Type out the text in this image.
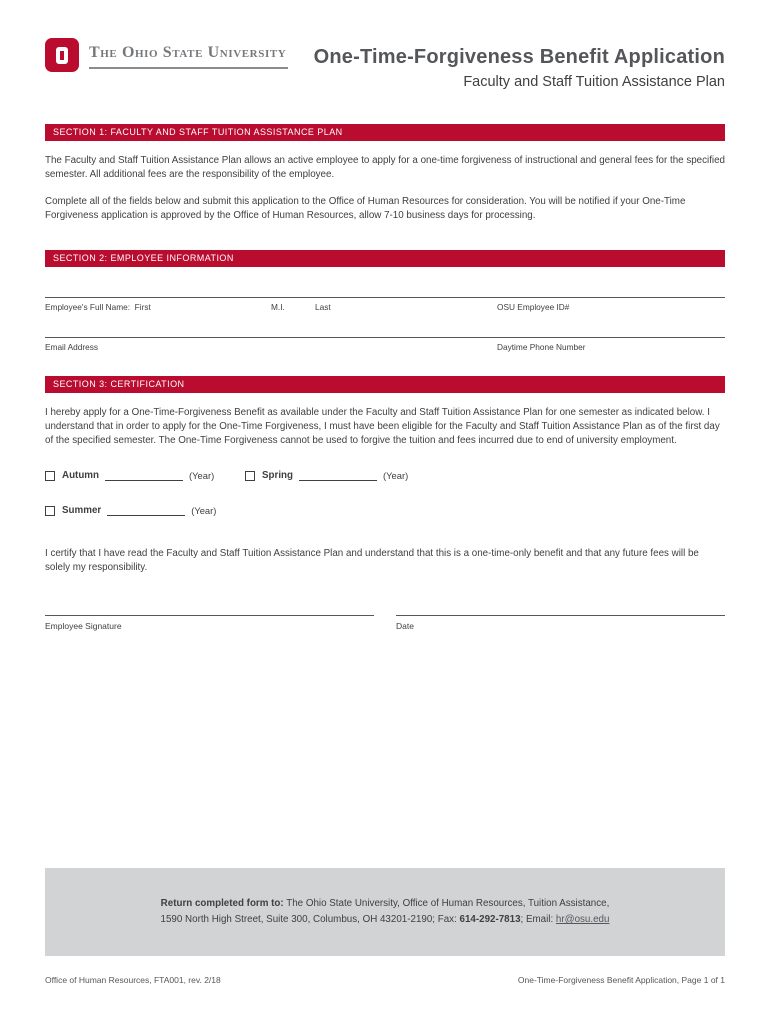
The Ohio State University One-Time-Forgiveness Benefit Application
Faculty and Staff Tuition Assistance Plan
SECTION 1: FACULTY AND STAFF TUITION ASSISTANCE PLAN
The Faculty and Staff Tuition Assistance Plan allows an active employee to apply for a one-time forgiveness of instructional and general fees for the specified semester. All additional fees are the responsibility of the employee.
Complete all of the fields below and submit this application to the Office of Human Resources for consideration. You will be notified if your One-Time Forgiveness application is approved by the Office of Human Resources, allow 7-10 business days for processing.
SECTION 2: EMPLOYEE INFORMATION
Employee's Full Name:  First	M.I.	Last	OSU Employee ID#
Email Address	Daytime Phone Number
SECTION 3: CERTIFICATION
I hereby apply for a One-Time-Forgiveness Benefit as available under the Faculty and Staff Tuition Assistance Plan for one semester as indicated below. I understand that in order to apply for the One-Time Forgiveness, I must have been eligible for the Faculty and Staff Tuition Assistance Plan as of the first day of the specified semester. The One-Time Forgiveness cannot be used to forgive the tuition and fees incurred due to end of university employment.
Autumn	(Year)	Spring	(Year)
Summer	(Year)
I certify that I have read the Faculty and Staff Tuition Assistance Plan and understand that this is a one-time-only benefit and that any future fees will be solely my responsibility.
Employee Signature	Date
Return completed form to: The Ohio State University, Office of Human Resources, Tuition Assistance,
1590 North High Street, Suite 300, Columbus, OH 43201-2190; Fax: 614-292-7813; Email: hr@osu.edu
Office of Human Resources, FTA001, rev. 2/18	One-Time-Forgiveness Benefit Application, Page 1 of 1
